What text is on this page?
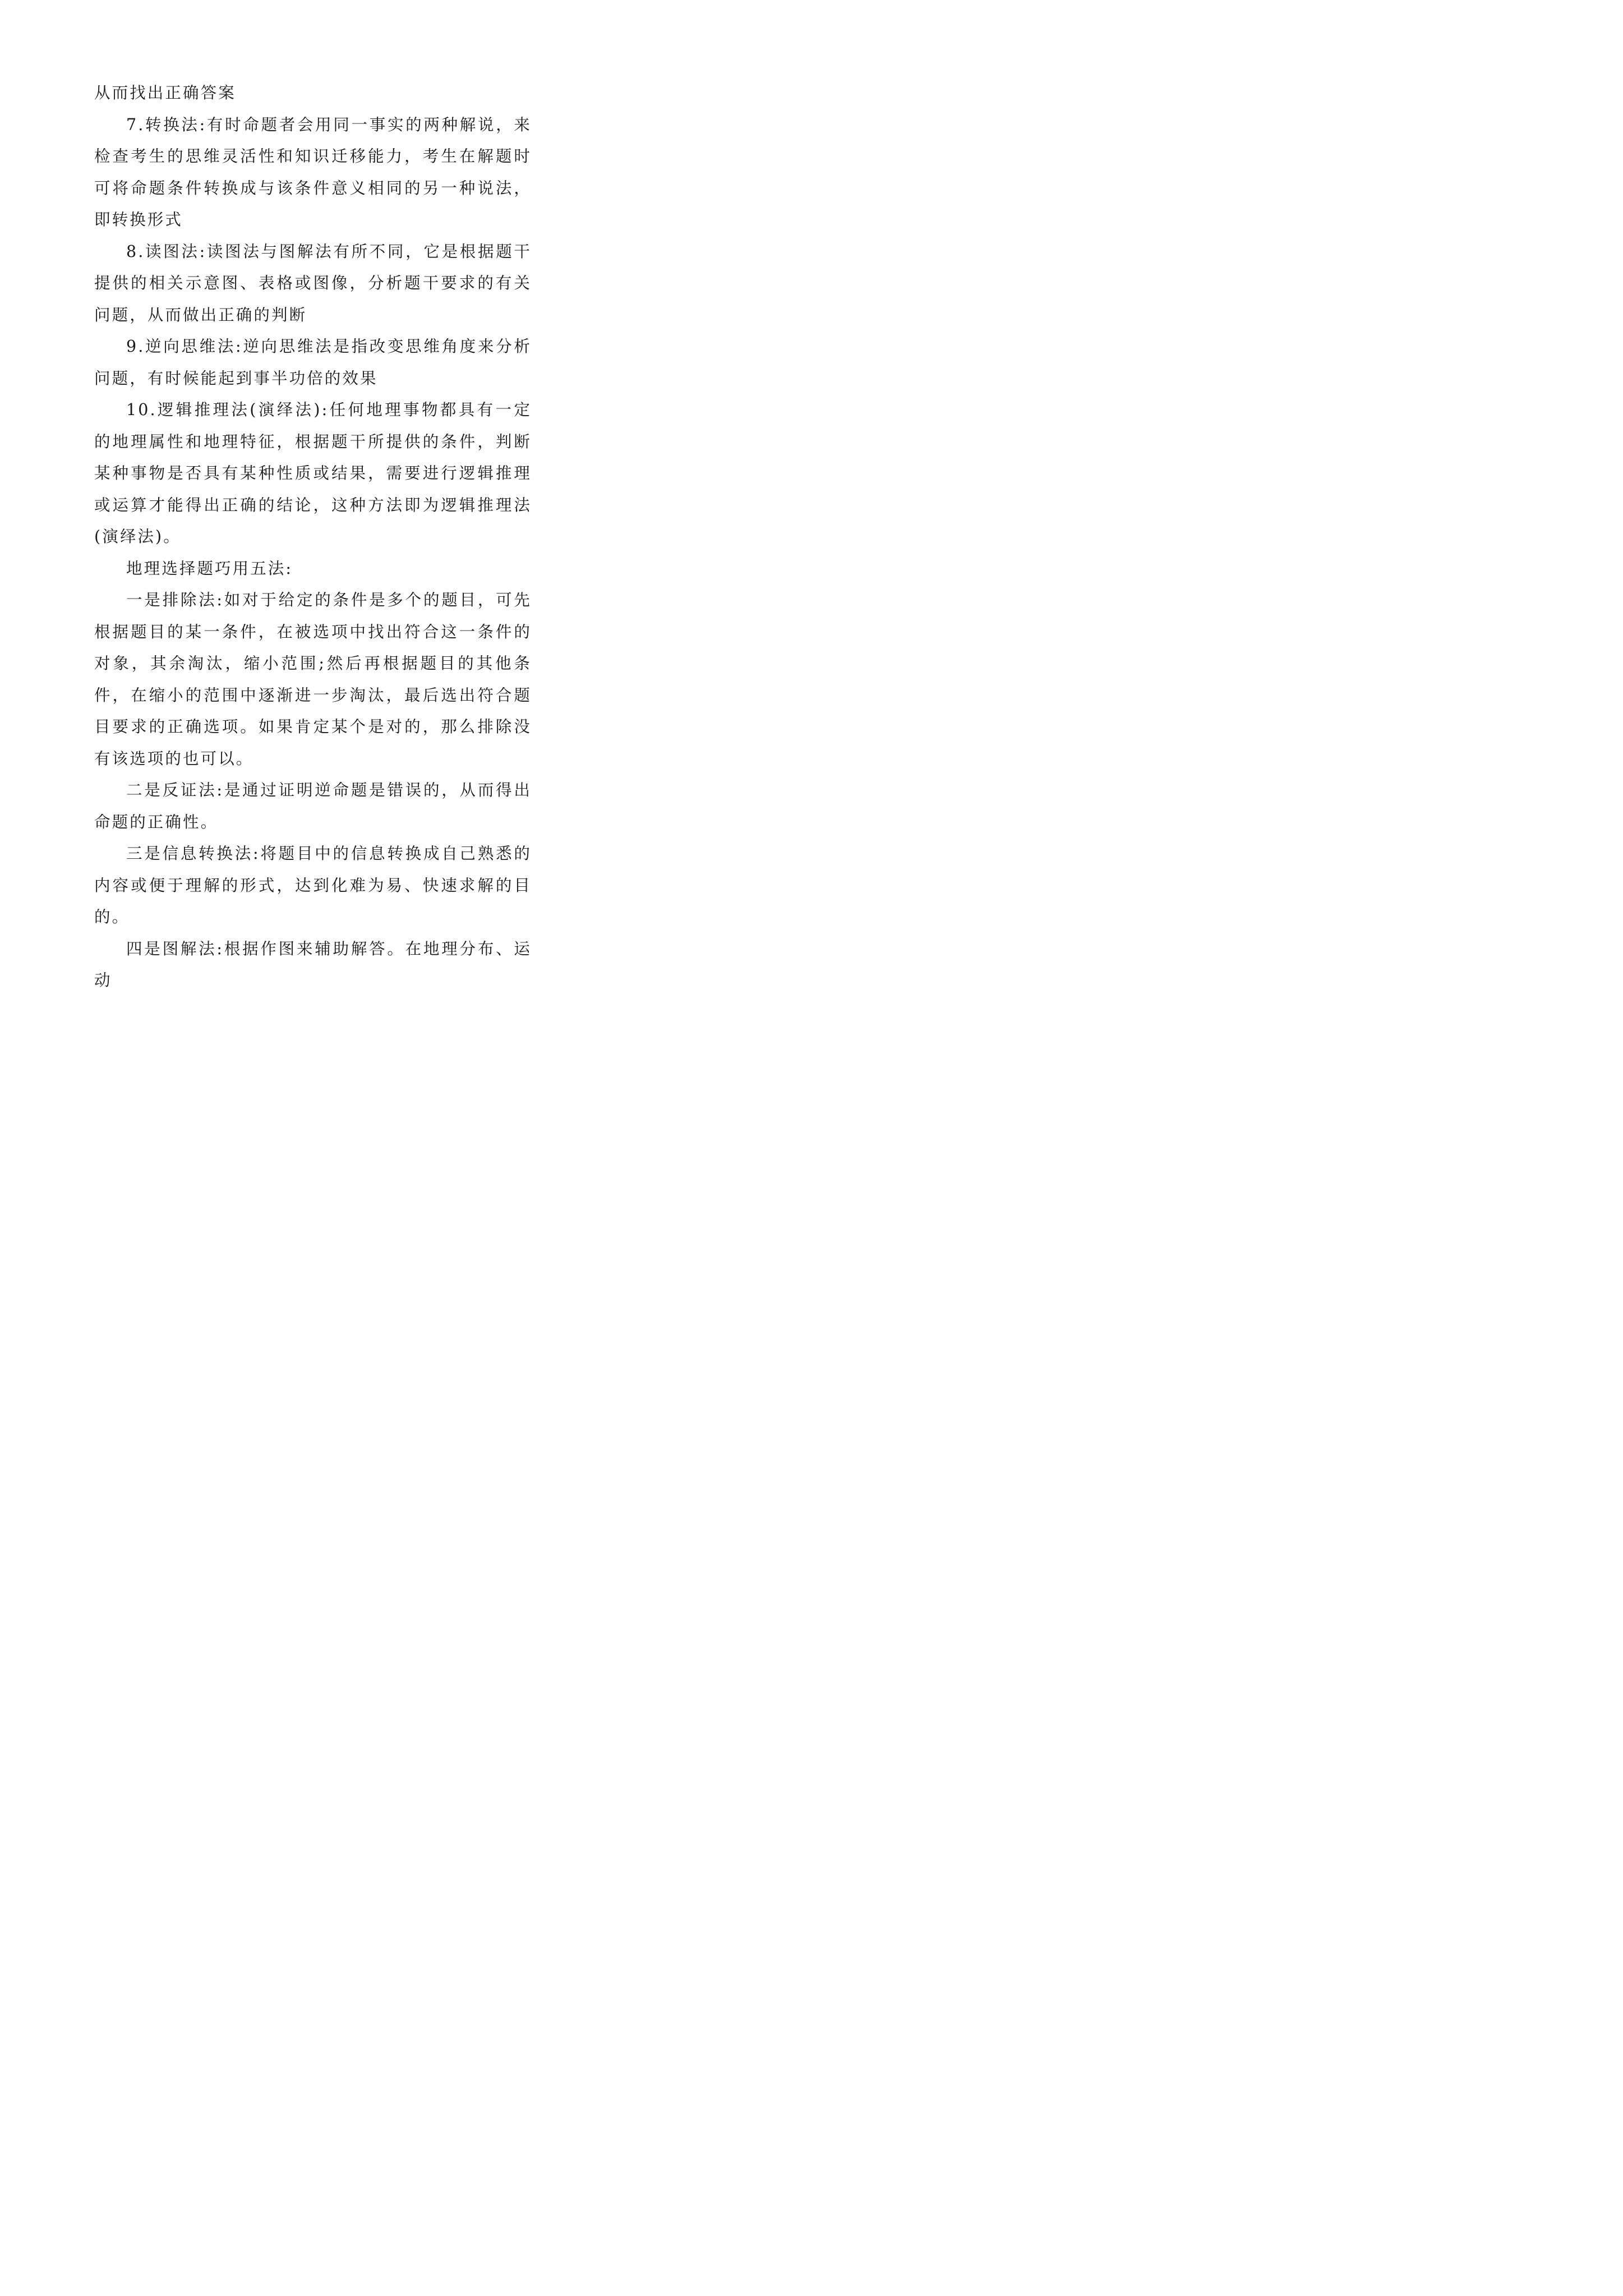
从而找出正确答案

7.转换法:有时命题者会用同一事实的两种解说，来检查考生的思维灵活性和知识迁移能力，考生在解题时可将命题条件转换成与该条件意义相同的另一种说法，即转换形式

8.读图法:读图法与图解法有所不同，它是根据题干提供的相关示意图、表格或图像，分析题干要求的有关问题，从而做出正确的判断

9.逆向思维法:逆向思维法是指改变思维角度来分析问题，有时候能起到事半功倍的效果

10.逻辑推理法(演绎法):任何地理事物都具有一定的地理属性和地理特征，根据题干所提供的条件，判断某种事物是否具有某种性质或结果，需要进行逻辑推理或运算才能得出正确的结论，这种方法即为逻辑推理法(演绎法)。

地理选择题巧用五法:

一是排除法:如对于给定的条件是多个的题目，可先根据题目的某一条件，在被选项中找出符合这一条件的对象，其余淘汰，缩小范围;然后再根据题目的其他条件，在缩小的范围中逐渐进一步淘汰，最后选出符合题目要求的正确选项。如果肯定某个是对的，那么排除没有该选项的也可以。

二是反证法:是通过证明逆命题是错误的，从而得出命题的正确性。

三是信息转换法:将题目中的信息转换成自己熟悉的内容或便于理解的形式，达到化难为易、快速求解的目的。

四是图解法:根据作图来辅助解答。在地理分布、运动
